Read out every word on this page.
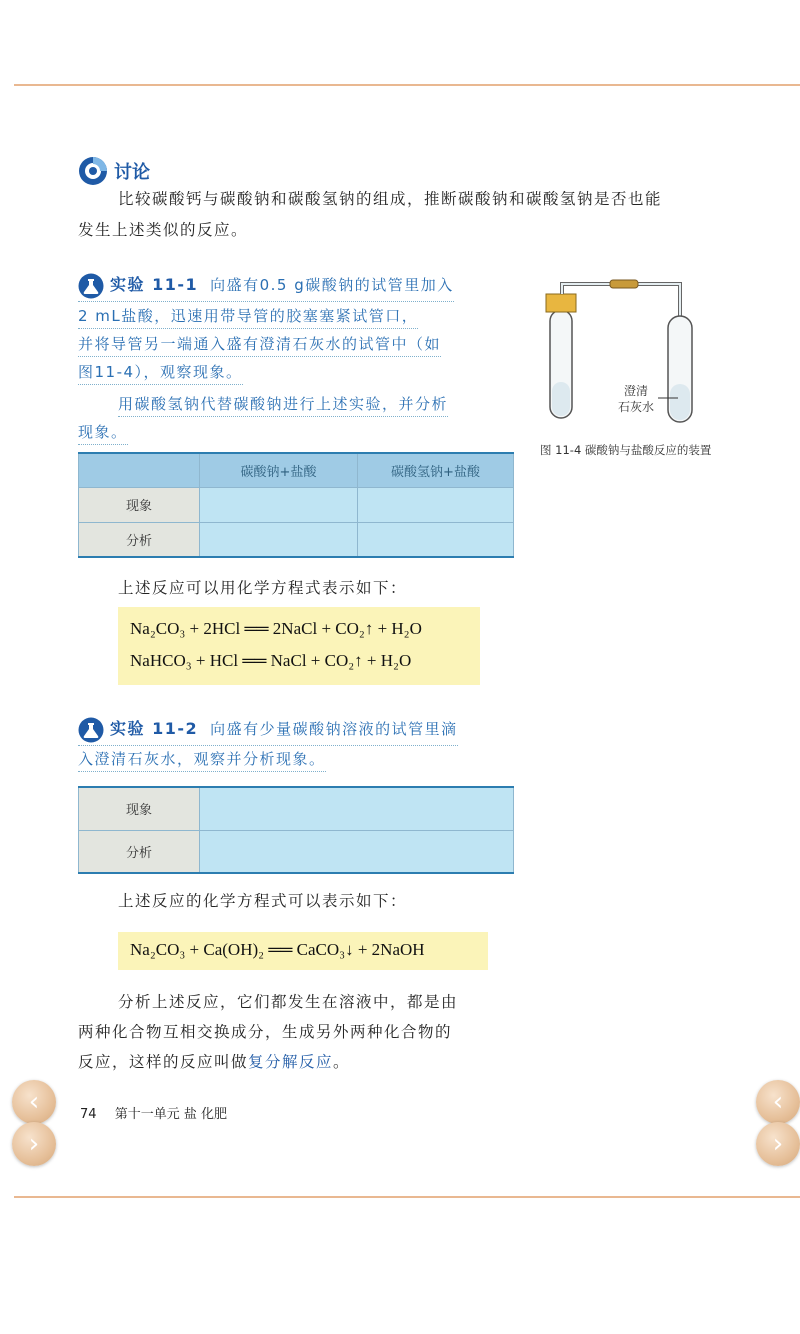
讨论
比较碳酸钙与碳酸钠和碳酸氢钠的组成，推断碳酸钠和碳酸氢钠是否也能
发生上述类似的反应。
实验 11-1 向盛有0.5 g碳酸钠的试管里加入
2 mL盐酸，迅速用带导管的胶塞塞紧试管口，
并将导管另一端通入盛有澄清石灰水的试管中（如
图11-4），观察现象。
用碳酸氢钠代替碳酸钠进行上述实验，并分析
现象。
澄清
石灰水
图 11-4 碳酸钠与盐酸反应的装置
	碳酸钠+盐酸	碳酸氢钠+盐酸
现象		
分析		
上述反应可以用化学方程式表示如下：
Na₂CO₃ + 2HCl ══ 2NaCl + CO₂↑ + H₂O
NaHCO₃ + HCl ══ NaCl + CO₂↑ + H₂O
实验 11-2 向盛有少量碳酸钠溶液的试管里滴
入澄清石灰水，观察并分析现象。
现象	
分析	
上述反应的化学方程式可以表示如下：
Na₂CO₃ + Ca(OH)₂ ══ CaCO₃↓ + 2NaOH
分析上述反应，它们都发生在溶液中，都是由
两种化合物互相交换成分，生成另外两种化合物的
反应，这样的反应叫做复分解反应。
74 第十一单元 盐 化肥
‹
›
‹
›
